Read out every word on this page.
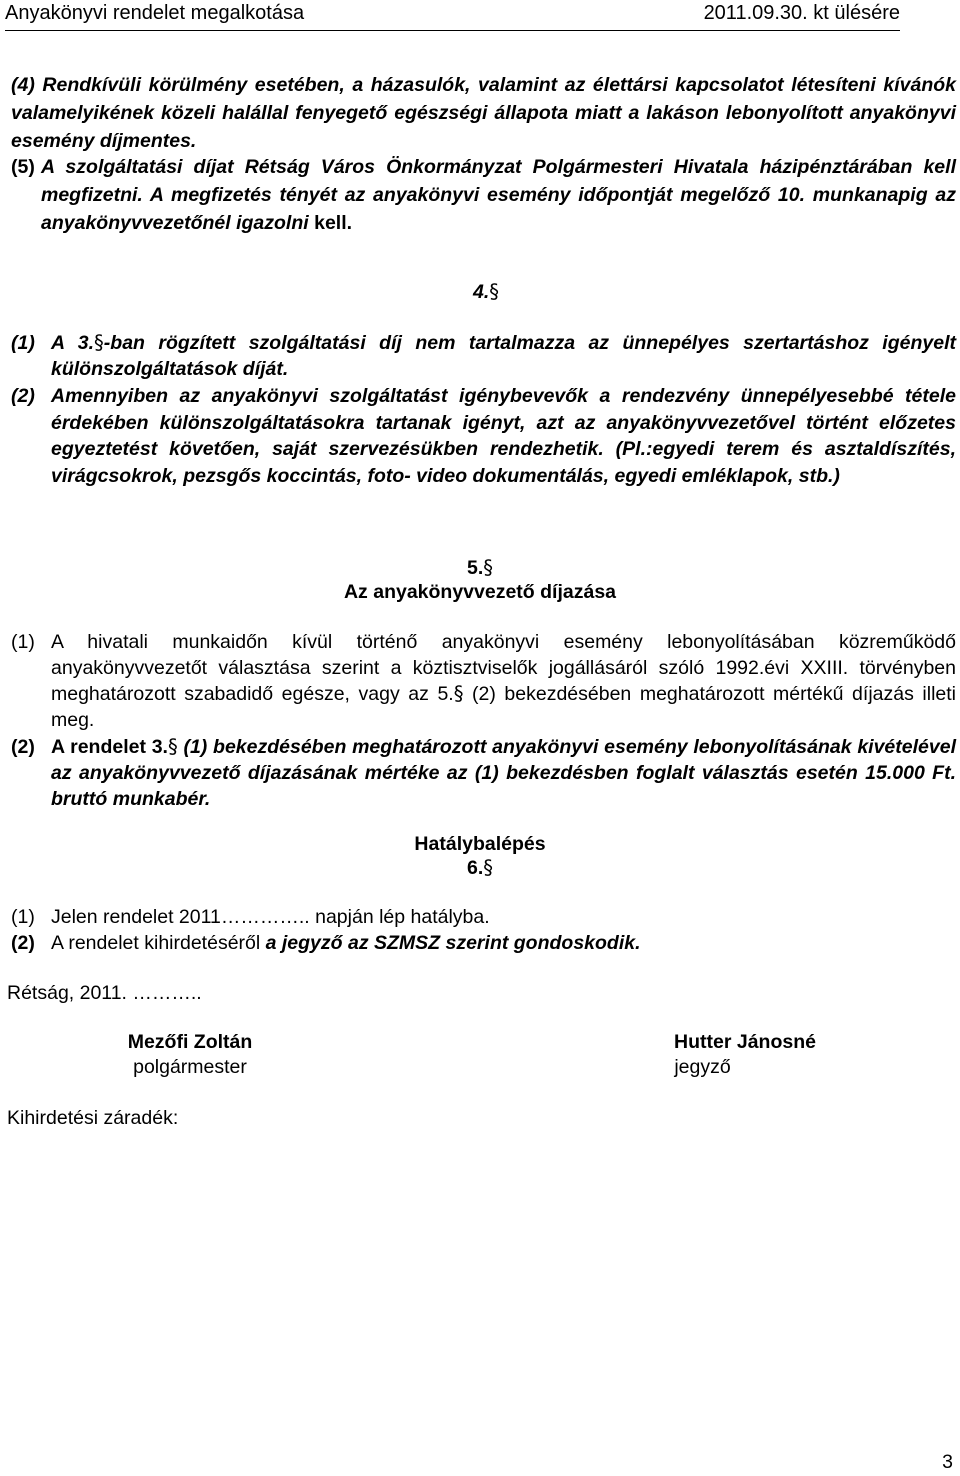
Anyakönyvi rendelet megalkotása	2011.09.30. kt ülésére
(4) Rendkívüli körülmény esetében, a házasulók, valamint az élettársi kapcsolatot létesíteni kívánók valamelyikének közeli halállal fenyegető egészségi állapota miatt a lakáson lebonyolított anyakönyvi esemény díjmentes.
(5) A szolgáltatási díjat Rétság Város Önkormányzat Polgármesteri Hivatala házipénztárában kell megfizetni. A megfizetés tényét az anyakönyvi esemény időpontját megelőző 10. munkanapig az anyakönyvvezetőnél igazolni kell.
4.§
(1) A 3.§-ban rögzített szolgáltatási díj nem tartalmazza az ünnepélyes szertartáshoz igényelt különszolgáltatások díját.
(2) Amennyiben az anyakönyvi szolgáltatást igénybevevők a rendezvény ünnepélyesebbé tétele érdekében különszolgáltatásokra tartanak igényt, azt az anyakönyvvezetővel történt előzetes egyeztetést követően, saját szervezésükben rendezhetik. (Pl.:egyedi terem és asztaldíszítés, virágcsokrok, pezsgős koccintás, foto- video dokumentálás, egyedi emléklapok, stb.)
5.§
Az anyakönyvvezető díjazása
(1) A hivatali munkaidőn kívül történő anyakönyvi esemény lebonyolításában közreműködő anyakönyvvezetőt választása szerint a köztisztviselők jogállásáról szóló 1992.évi XXIII. törvényben meghatározott szabadidő egésze, vagy az 5.§ (2) bekezdésében meghatározott mértékű díjazás illeti meg.
(2) A rendelet 3.§ (1) bekezdésében meghatározott anyakönyvi esemény lebonyolításának kivételével az anyakönyvvezető díjazásának mértéke az (1) bekezdésben foglalt választás esetén 15.000 Ft. bruttó munkabér.
Hatálybalépés
6.§
(1) Jelen rendelet 2011………….. napján lép hatályba.
(2) A rendelet kihirdetéséről a jegyző az SZMSZ szerint gondoskodik.
Rétság, 2011. ………..
Mezőfi Zoltán
polgármester
Hutter Jánosné
jegyző
Kihirdetési záradék:
3
